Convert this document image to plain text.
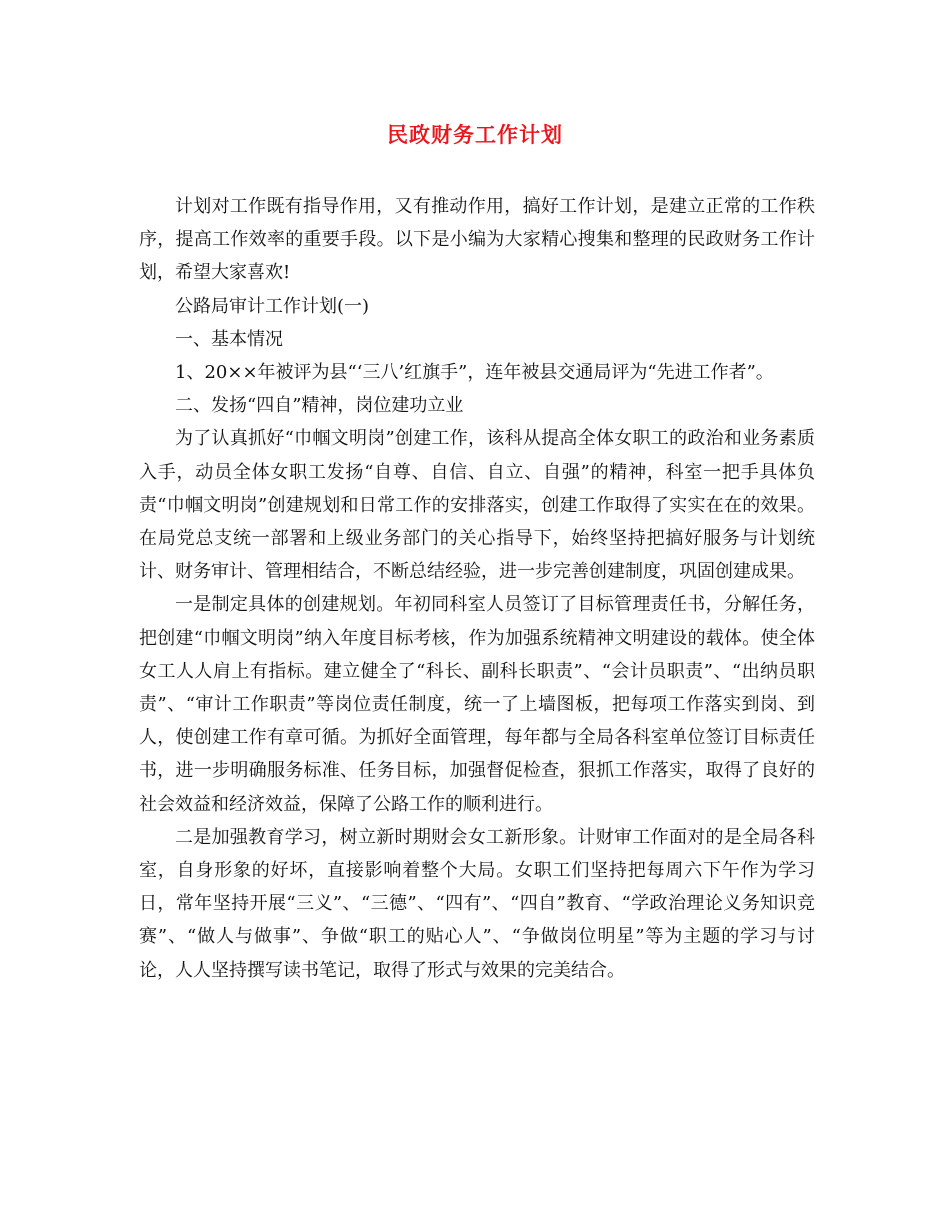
民政财务工作计划

计划对工作既有指导作用，又有推动作用，搞好工作计划，是建立正常的工作秩序，提高工作效率的重要手段。以下是小编为大家精心搜集和整理的民政财务工作计划，希望大家喜欢!

公路局审计工作计划(一)

一、基本情况

1、20××年被评为县“‘三八’红旗手”，连年被县交通局评为“先进工作者”。

二、发扬“四自”精神，岗位建功立业

为了认真抓好“巾帼文明岗”创建工作，该科从提高全体女职工的政治和业务素质入手，动员全体女职工发扬“自尊、自信、自立、自强”的精神，科室一把手具体负责“巾帼文明岗”创建规划和日常工作的安排落实，创建工作取得了实实在在的效果。在局党总支统一部署和上级业务部门的关心指导下，始终坚持把搞好服务与计划统计、财务审计、管理相结合，不断总结经验，进一步完善创建制度，巩固创建成果。

一是制定具体的创建规划。年初同科室人员签订了目标管理责任书，分解任务，把创建“巾帼文明岗”纳入年度目标考核，作为加强系统精神文明建设的载体。使全体女工人人肩上有指标。建立健全了“科长、副科长职责”、“会计员职责”、“出纳员职责”、“审计工作职责”等岗位责任制度，统一了上墙图板，把每项工作落实到岗、到人，使创建工作有章可循。为抓好全面管理，每年都与全局各科室单位签订目标责任书，进一步明确服务标准、任务目标，加强督促检查，狠抓工作落实，取得了良好的社会效益和经济效益，保障了公路工作的顺利进行。

二是加强教育学习，树立新时期财会女工新形象。计财审工作面对的是全局各科室，自身形象的好坏，直接影响着整个大局。女职工们坚持把每周六下午作为学习日，常年坚持开展“三义”、“三德”、“四有”、“四自”教育、“学政治理论义务知识竞赛”、“做人与做事”、争做“职工的贴心人”、“争做岗位明星”等为主题的学习与讨论，人人坚持撰写读书笔记，取得了形式与效果的完美结合。
